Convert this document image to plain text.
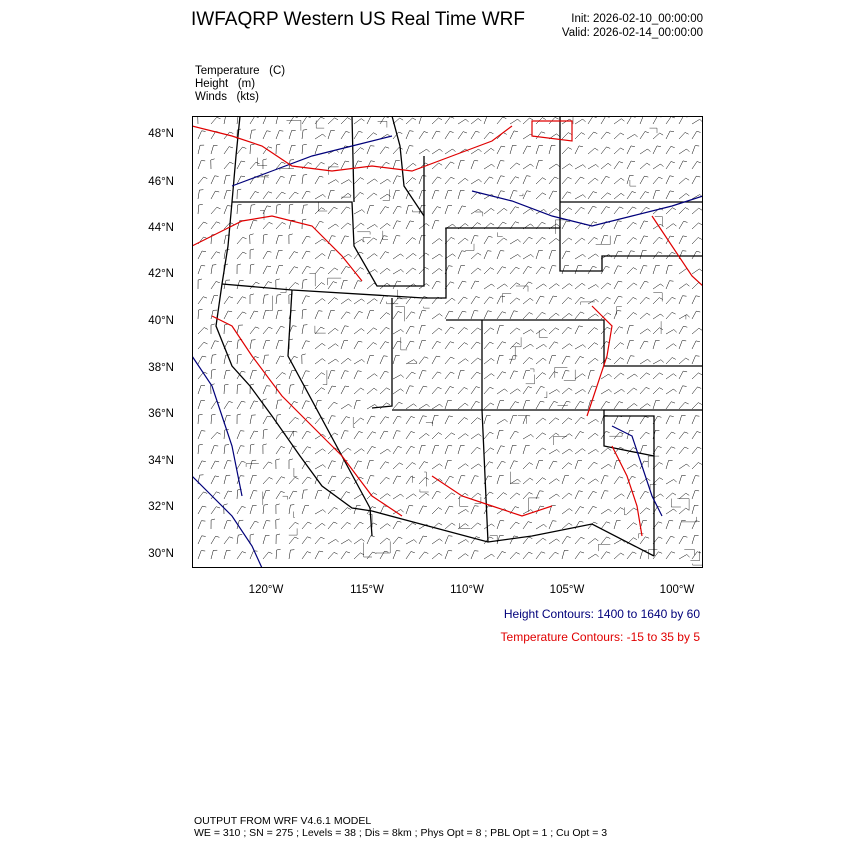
IWFAQRP Western US Real Time WRF	Init: 2026-02-10_00:00:00
Valid: 2026-02-14_00:00:00
Temperature (C)
Height (m)
Winds (kts)
48°N
46°N
44°N
42°N
40°N
38°N
36°N
34°N
32°N
30°N
120°W	115°W	110°W	105°W	100°W
Height Contours: 1400 to 1640 by 60
Temperature Contours: -15 to 35 by 5
OUTPUT FROM WRF V4.6.1 MODEL
WE = 310 ; SN = 275 ; Levels = 38 ; Dis = 8km ; Phys Opt = 8 ; PBL Opt = 1 ; Cu Opt = 3
